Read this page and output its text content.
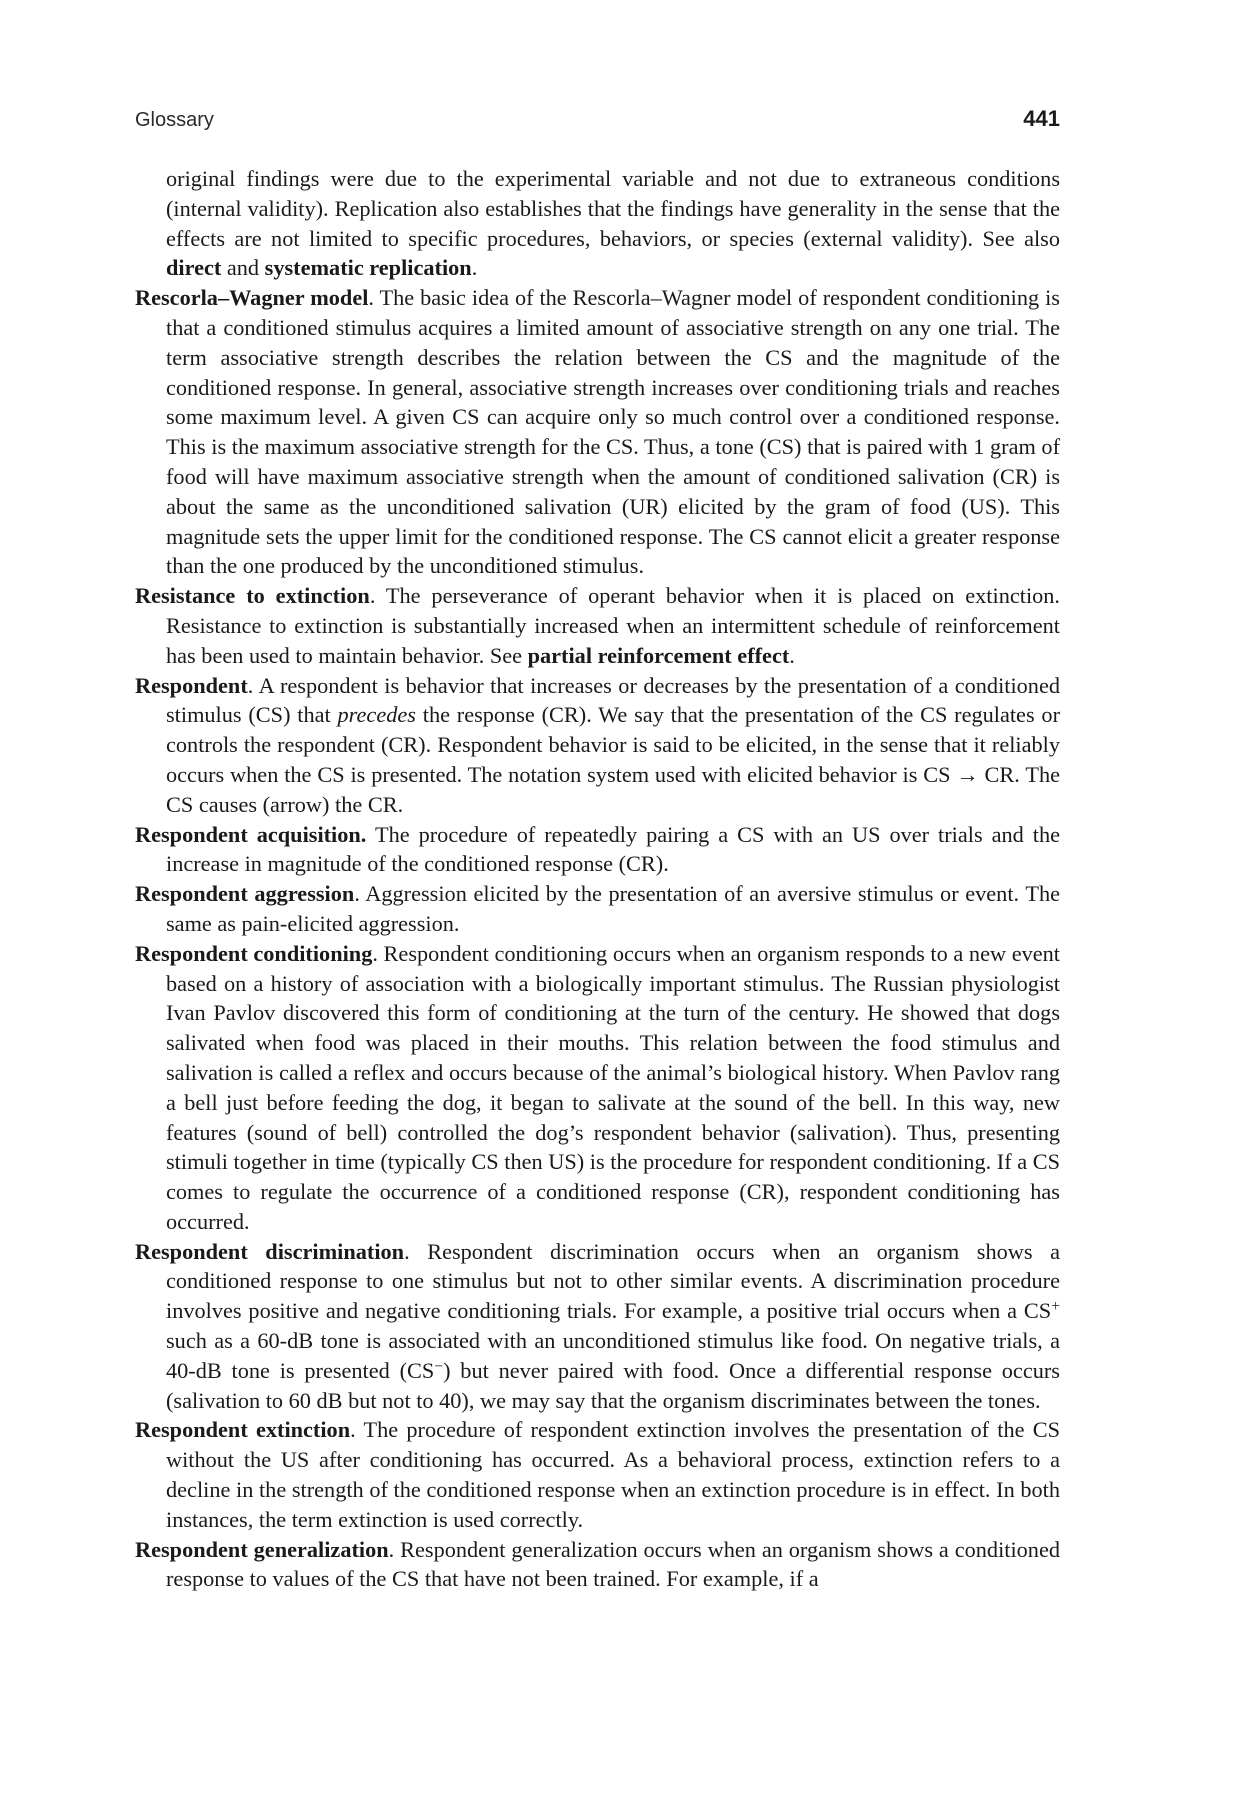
Glossary	441

original findings were due to the experimental variable and not due to extraneous conditions (internal validity). Replication also establishes that the findings have generality in the sense that the effects are not limited to specific procedures, behaviors, or species (external validity). See also direct and systematic replication.

Rescorla–Wagner model. The basic idea of the Rescorla–Wagner model of respondent conditioning is that a conditioned stimulus acquires a limited amount of associative strength on any one trial. The term associative strength describes the relation between the CS and the magnitude of the conditioned response. In general, associative strength increases over conditioning trials and reaches some maximum level. A given CS can acquire only so much control over a conditioned response. This is the maximum associative strength for the CS. Thus, a tone (CS) that is paired with 1 gram of food will have maximum associative strength when the amount of conditioned salivation (CR) is about the same as the unconditioned salivation (UR) elicited by the gram of food (US). This magnitude sets the upper limit for the conditioned response. The CS cannot elicit a greater response than the one produced by the unconditioned stimulus.

Resistance to extinction. The perseverance of operant behavior when it is placed on extinction. Resistance to extinction is substantially increased when an intermittent schedule of reinforcement has been used to maintain behavior. See partial reinforcement effect.

Respondent. A respondent is behavior that increases or decreases by the presentation of a conditioned stimulus (CS) that precedes the response (CR). We say that the presentation of the CS regulates or controls the respondent (CR). Respondent behavior is said to be elicited, in the sense that it reliably occurs when the CS is presented. The notation system used with elicited behavior is CS → CR. The CS causes (arrow) the CR.

Respondent acquisition. The procedure of repeatedly pairing a CS with an US over trials and the increase in magnitude of the conditioned response (CR).

Respondent aggression. Aggression elicited by the presentation of an aversive stimulus or event. The same as pain-elicited aggression.

Respondent conditioning. Respondent conditioning occurs when an organism responds to a new event based on a history of association with a biologically important stimulus. The Russian physiologist Ivan Pavlov discovered this form of conditioning at the turn of the century. He showed that dogs salivated when food was placed in their mouths. This relation between the food stimulus and salivation is called a reflex and occurs because of the animal’s biological history. When Pavlov rang a bell just before feeding the dog, it began to salivate at the sound of the bell. In this way, new features (sound of bell) controlled the dog’s respondent behavior (salivation). Thus, presenting stimuli together in time (typically CS then US) is the procedure for respondent conditioning. If a CS comes to regulate the occurrence of a conditioned response (CR), respondent conditioning has occurred.

Respondent discrimination. Respondent discrimination occurs when an organism shows a conditioned response to one stimulus but not to other similar events. A discrimination procedure involves positive and negative conditioning trials. For example, a positive trial occurs when a CS+ such as a 60-dB tone is associated with an unconditioned stimulus like food. On negative trials, a 40-dB tone is presented (CS−) but never paired with food. Once a differential response occurs (salivation to 60 dB but not to 40), we may say that the organism discriminates between the tones.

Respondent extinction. The procedure of respondent extinction involves the presentation of the CS without the US after conditioning has occurred. As a behavioral process, extinction refers to a decline in the strength of the conditioned response when an extinction procedure is in effect. In both instances, the term extinction is used correctly.

Respondent generalization. Respondent generalization occurs when an organism shows a conditioned response to values of the CS that have not been trained. For example, if a
